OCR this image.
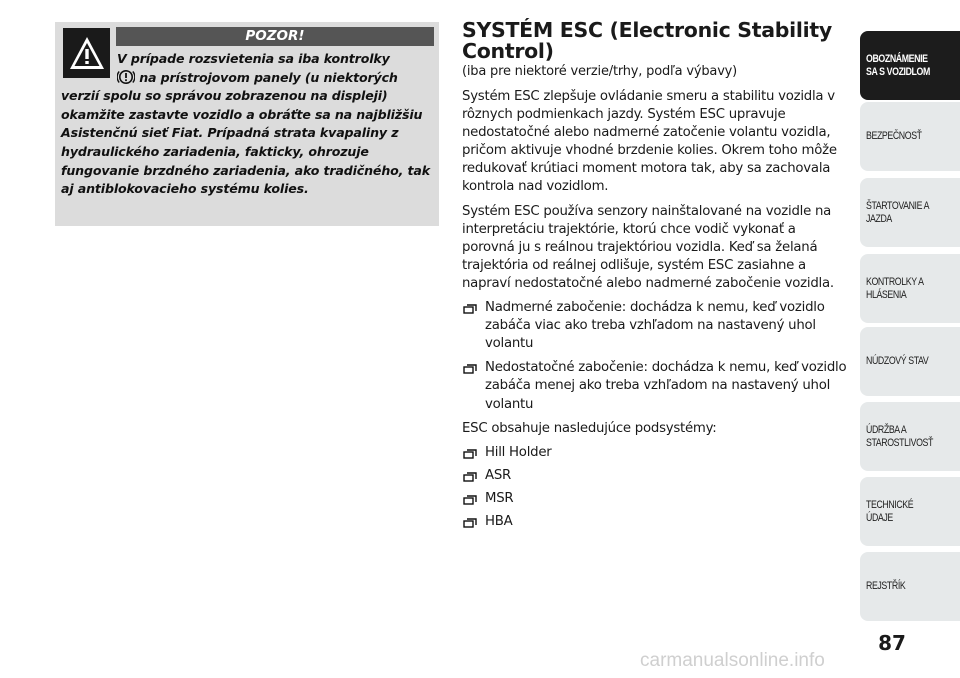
POZOR!
V prípade rozsvietenia sa iba kontrolky
na prístrojovom panely (u niektorých
verzií spolu so správou zobrazenou na displeji) okamžite zastavte vozidlo a obráťte sa na najbližšiu Asistenčnú sieť Fiat. Prípadná strata kvapaliny z hydraulického zariadenia, fakticky, ohrozuje fungovanie brzdného zariadenia, ako tradičného, tak aj antiblokovacieho systému kolies.
SYSTÉM ESC (Electronic Stability Control)
(iba pre niektoré verzie/trhy, podľa výbavy)

Systém ESC zlepšuje ovládanie smeru a stabilitu vozidla v rôznych podmienkach jazdy. Systém ESC upravuje nedostatočné alebo nadmerné zatočenie volantu vozidla, pričom aktivuje vhodné brzdenie kolies. Okrem toho môže redukovať krútiaci moment motora tak, aby sa zachovala kontrola nad vozidlom.

Systém ESC používa senzory nainštalované na vozidle na interpretáciu trajektórie, ktorú chce vodič vykonať a porovná ju s reálnou trajektóriou vozidla. Keď sa želaná trajektória od reálnej odlišuje, systém ESC zasiahne a napraví nedostatočné alebo nadmerné zabočenie vozidla.

Nadmerné zabočenie: dochádza k nemu, keď vozidlo zabáča viac ako treba vzhľadom na nastavený uhol volantu
Nedostatočné zabočenie: dochádza k nemu, keď vozidlo zabáča menej ako treba vzhľadom na nastavený uhol volantu

ESC obsahuje nasledujúce podsystémy:

Hill Holder
ASR
MSR
HBA
OBOZNÁMENIE
SA S VOZIDLOM
BEZPEČNOSŤ
ŠTARTOVANIE A
JAZDA
KONTROLKY A
HLÁSENIA
NÚDZOVÝ STAV
ÚDRŽBA A
STAROSTLIVOSŤ
TECHNICKÉ ÚDAJE
REJSTŘÍK
87
carmanualsonline.info
